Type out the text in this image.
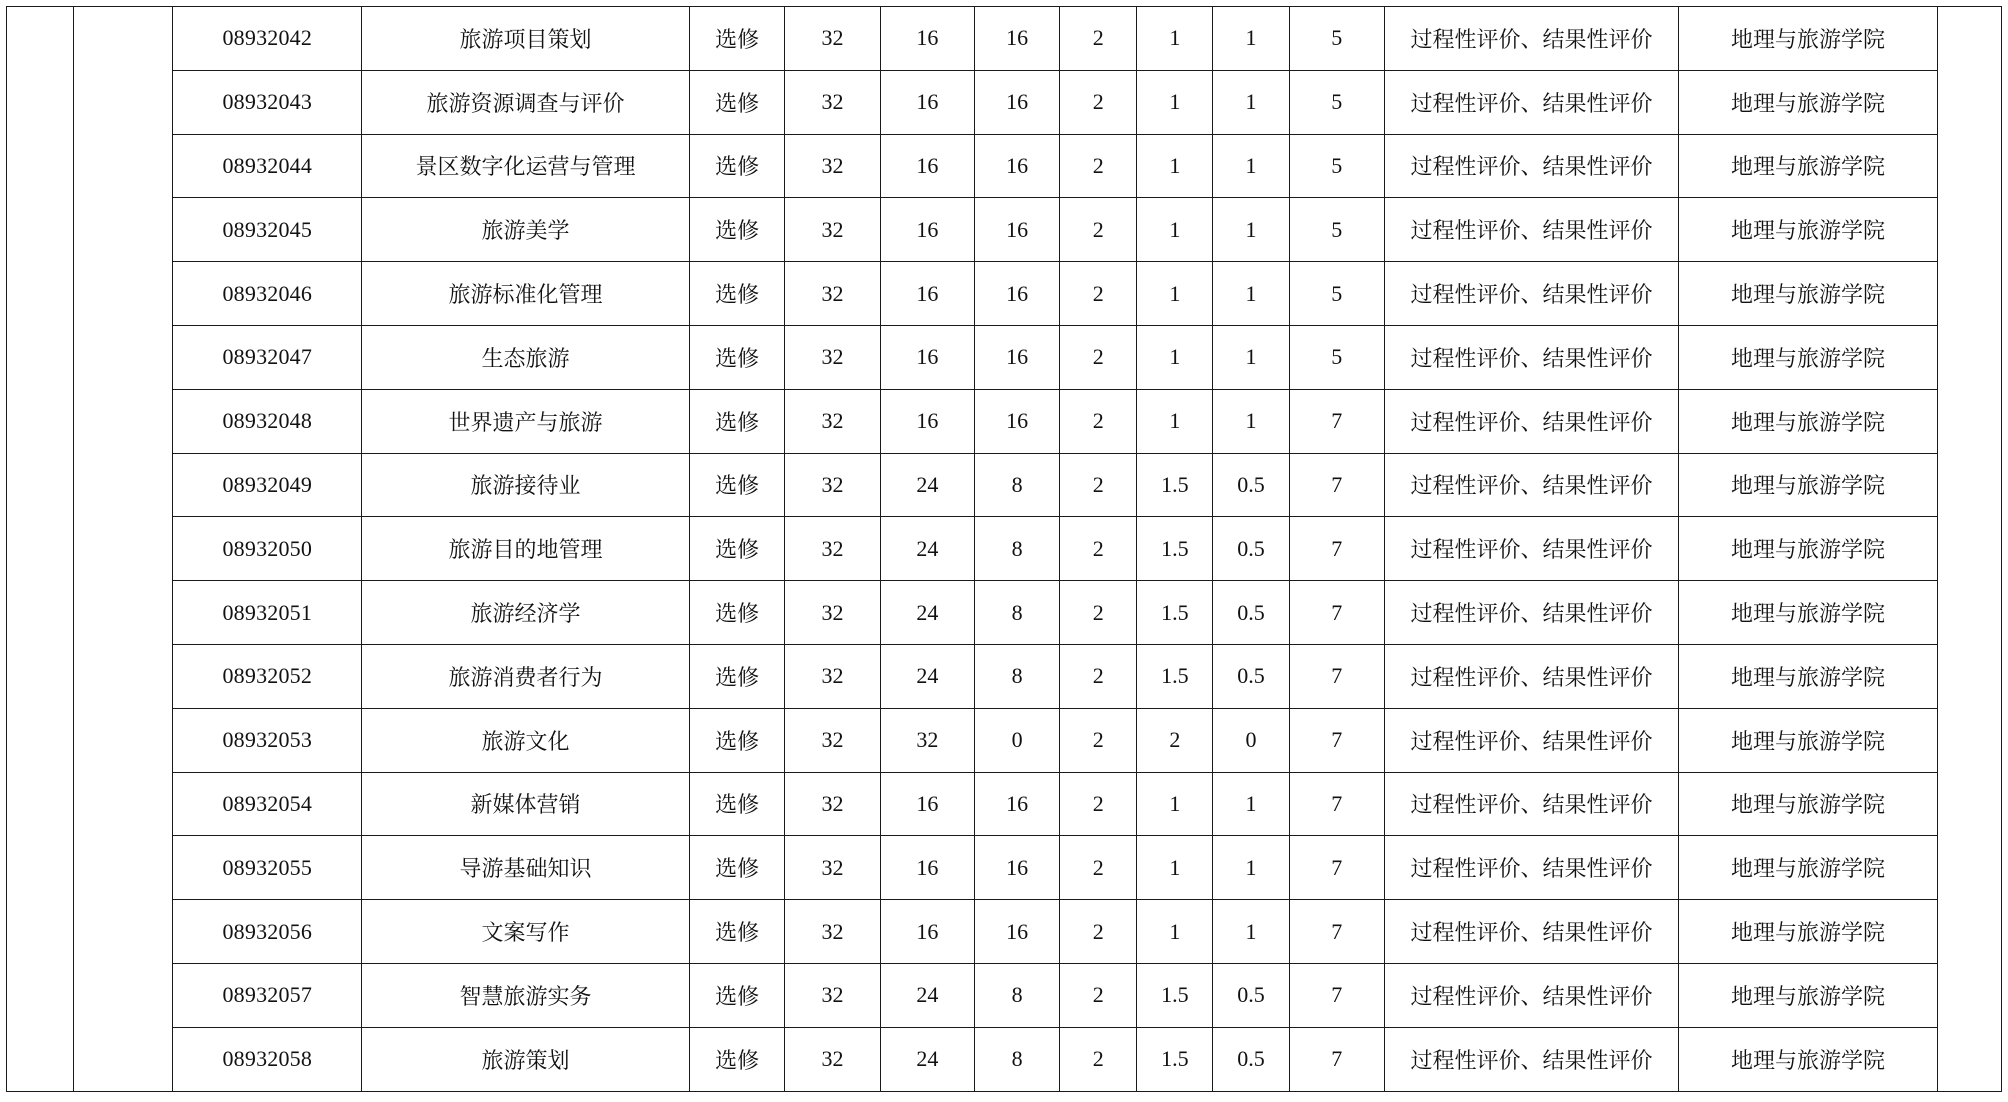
		08932042	旅游项目策划	选修	32	16	16	2	1	1	5	过程性评价、结果性评价	地理与旅游学院	
		08932043	旅游资源调查与评价	选修	32	16	16	2	1	1	5	过程性评价、结果性评价	地理与旅游学院	
		08932044	景区数字化运营与管理	选修	32	16	16	2	1	1	5	过程性评价、结果性评价	地理与旅游学院	
		08932045	旅游美学	选修	32	16	16	2	1	1	5	过程性评价、结果性评价	地理与旅游学院	
		08932046	旅游标准化管理	选修	32	16	16	2	1	1	5	过程性评价、结果性评价	地理与旅游学院	
		08932047	生态旅游	选修	32	16	16	2	1	1	5	过程性评价、结果性评价	地理与旅游学院	
		08932048	世界遗产与旅游	选修	32	16	16	2	1	1	7	过程性评价、结果性评价	地理与旅游学院	
		08932049	旅游接待业	选修	32	24	8	2	1.5	0.5	7	过程性评价、结果性评价	地理与旅游学院	
		08932050	旅游目的地管理	选修	32	24	8	2	1.5	0.5	7	过程性评价、结果性评价	地理与旅游学院	
		08932051	旅游经济学	选修	32	24	8	2	1.5	0.5	7	过程性评价、结果性评价	地理与旅游学院	
		08932052	旅游消费者行为	选修	32	24	8	2	1.5	0.5	7	过程性评价、结果性评价	地理与旅游学院	
		08932053	旅游文化	选修	32	32	0	2	2	0	7	过程性评价、结果性评价	地理与旅游学院	
		08932054	新媒体营销	选修	32	16	16	2	1	1	7	过程性评价、结果性评价	地理与旅游学院	
		08932055	导游基础知识	选修	32	16	16	2	1	1	7	过程性评价、结果性评价	地理与旅游学院	
		08932056	文案写作	选修	32	16	16	2	1	1	7	过程性评价、结果性评价	地理与旅游学院	
		08932057	智慧旅游实务	选修	32	24	8	2	1.5	0.5	7	过程性评价、结果性评价	地理与旅游学院	
		08932058	旅游策划	选修	32	24	8	2	1.5	0.5	7	过程性评价、结果性评价	地理与旅游学院	
